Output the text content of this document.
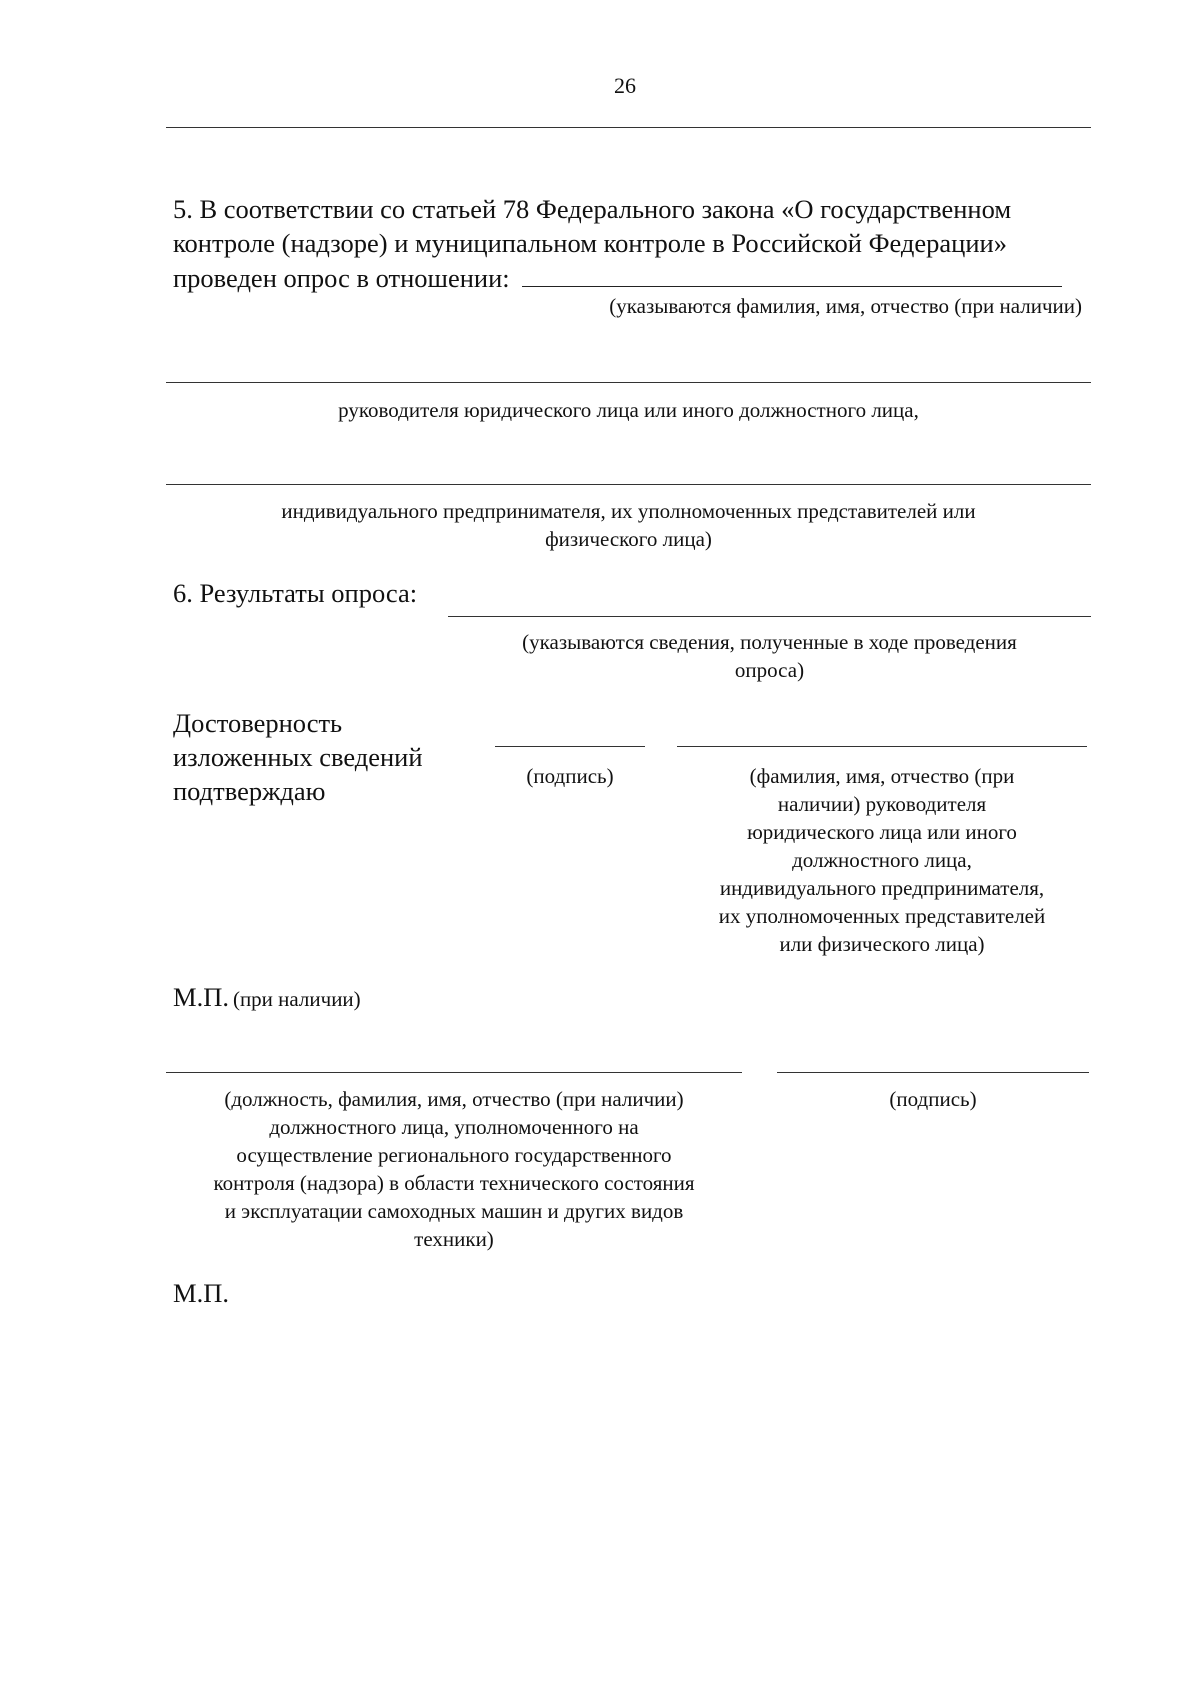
26
5. В соответствии со статьей 78 Федерального закона «О государственном
контроле (надзоре) и муниципальном контроле в Российской Федерации»
проведен опрос в отношении:
(указываются фамилия, имя, отчество (при наличии)
руководителя юридического лица или иного должностного лица,
индивидуального предпринимателя, их уполномоченных представителей или
физического лица)
6. Результаты опроса:
(указываются сведения, полученные в ходе проведения
опроса)
Достоверность
изложенных сведений
подтверждаю	(подпись)	(фамилия, имя, отчество (при
наличии) руководителя
юридического лица или иного
должностного лица,
индивидуального предпринимателя,
их уполномоченных представителей
или физического лица)
М.П. (при наличии)
(должность, фамилия, имя, отчество (при наличии)
должностного лица, уполномоченного на
осуществление регионального государственного
контроля (надзора) в области технического состояния
и эксплуатации самоходных машин и других видов
техники)
(подпись)
М.П.
